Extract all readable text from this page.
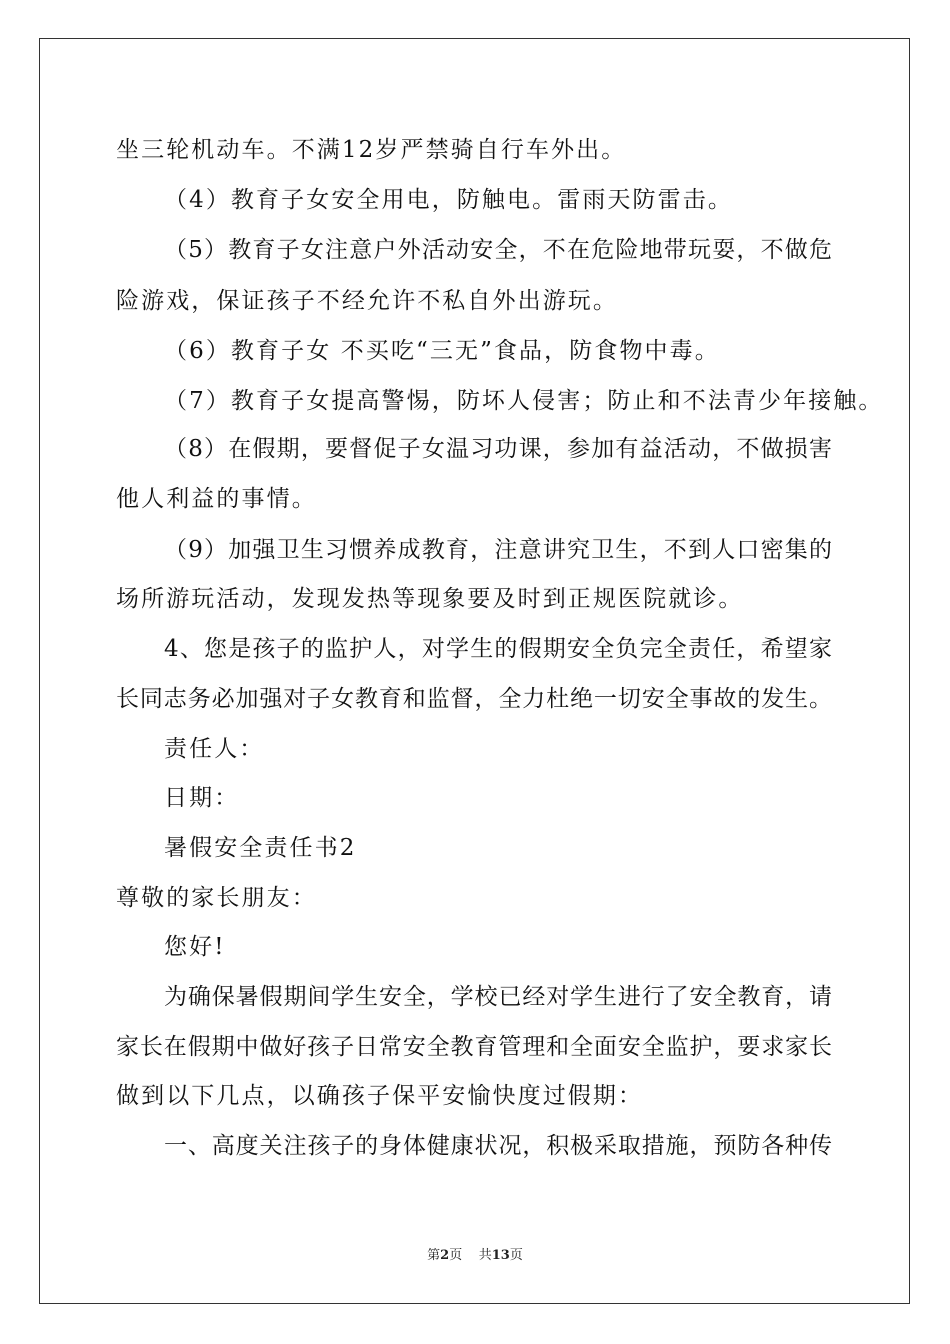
坐三轮机动车。不满12岁严禁骑自行车外出。
（4）教育子女安全用电，防触电。雷雨天防雷击。
（5）教育子女注意户外活动安全，不在危险地带玩耍，不做危
险游戏，保证孩子不经允许不私自外出游玩。
（6）教育子女 不买吃“三无”食品，防食物中毒。
（7）教育子女提高警惕，防坏人侵害；防止和不法青少年接触。
（8）在假期，要督促子女温习功课，参加有益活动，不做损害
他人利益的事情。
（9）加强卫生习惯养成教育，注意讲究卫生，不到人口密集的
场所游玩活动，发现发热等现象要及时到正规医院就诊。
4、您是孩子的监护人，对学生的假期安全负完全责任，希望家
长同志务必加强对子女教育和监督，全力杜绝一切安全事故的发生。
责任人：
日期：
暑假安全责任书2
尊敬的家长朋友：
您好!
为确保暑假期间学生安全，学校已经对学生进行了安全教育，请
家长在假期中做好孩子日常安全教育管理和全面安全监护，要求家长
做到以下几点，以确孩子保平安愉快度过假期：
一、高度关注孩子的身体健康状况，积极采取措施，预防各种传
第2页 共13页
